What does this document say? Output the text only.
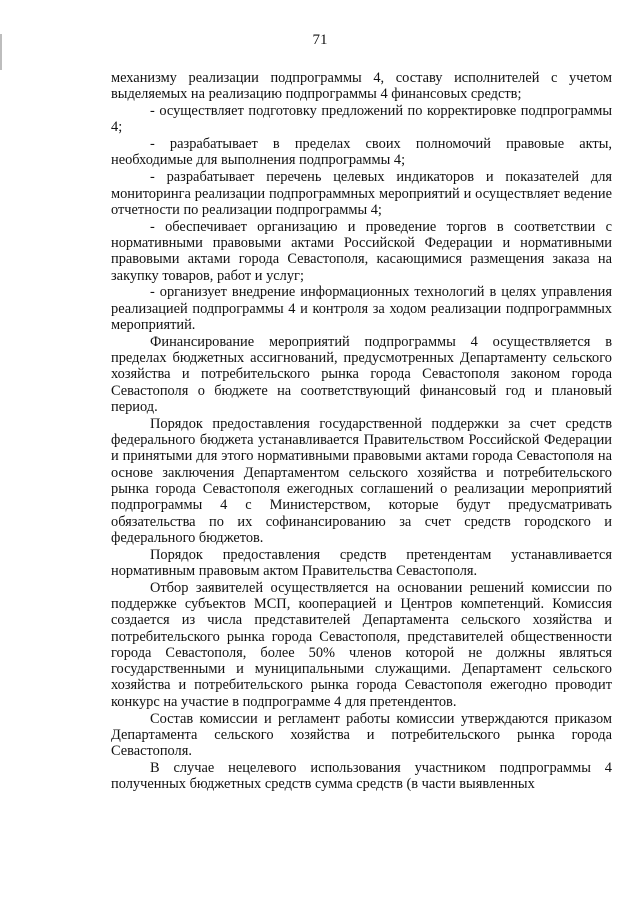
71

механизму реализации подпрограммы 4, составу исполнителей с учетом выделяемых на реализацию подпрограммы 4 финансовых средств;

- осуществляет подготовку предложений по корректировке подпрограммы 4;

- разрабатывает в пределах своих полномочий правовые акты, необходимые для выполнения подпрограммы 4;

- разрабатывает перечень целевых индикаторов и показателей для мониторинга реализации подпрограммных мероприятий и осуществляет ведение отчетности по реализации подпрограммы 4;

- обеспечивает организацию и проведение торгов в соответствии с нормативными правовыми актами Российской Федерации и нормативными правовыми актами города Севастополя, касающимися размещения заказа на закупку товаров, работ и услуг;

- организует внедрение информационных технологий в целях управления реализацией подпрограммы 4 и контроля за ходом реализации подпрограммных мероприятий.

Финансирование мероприятий подпрограммы 4 осуществляется в пределах бюджетных ассигнований, предусмотренных Департаменту сельского хозяйства и потребительского рынка города Севастополя законом города Севастополя о бюджете на соответствующий финансовый год и плановый период.

Порядок предоставления государственной поддержки за счет средств федерального бюджета устанавливается Правительством Российской Федерации и принятыми для этого нормативными правовыми актами города Севастополя на основе заключения Департаментом сельского хозяйства и потребительского рынка города Севастополя ежегодных соглашений о реализации мероприятий подпрограммы 4 с Министерством, которые будут предусматривать обязательства по их софинансированию за счет средств городского и федерального бюджетов.

Порядок предоставления средств претендентам устанавливается нормативным правовым актом Правительства Севастополя.

Отбор заявителей осуществляется на основании решений комиссии по поддержке субъектов МСП, кооперацией и Центров компетенций. Комиссия создается из числа представителей Департамента сельского хозяйства и потребительского рынка города Севастополя, представителей общественности города Севастополя, более 50% членов которой не должны являться государственными и муниципальными служащими. Департамент сельского хозяйства и потребительского рынка города Севастополя ежегодно проводит конкурс на участие в подпрограмме 4 для претендентов.

Состав комиссии и регламент работы комиссии утверждаются приказом Департамента сельского хозяйства и потребительского рынка города Севастополя.

В случае нецелевого использования участником подпрограммы 4 полученных бюджетных средств сумма средств (в части выявленных
